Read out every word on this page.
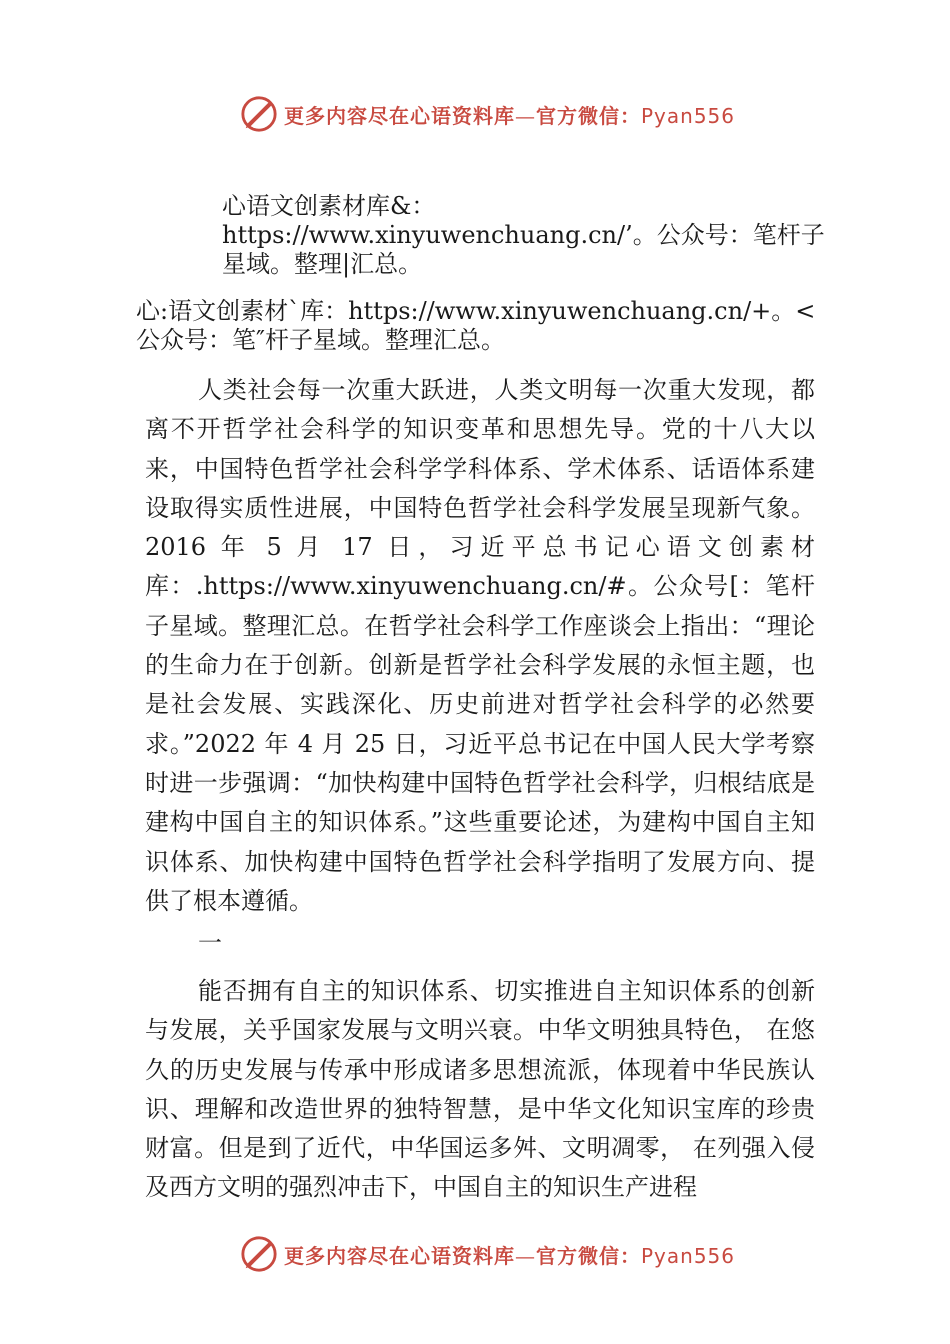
更多内容尽在心语资料库—官方微信：Pyan556
心语文创素材库&：https://www.xinyuwenchuang.cn/’。公众号：笔杆子星域。整理|汇总。
心:语文创素材`库：https://www.xinyuwenchuang.cn/+。<公众号：笔″杆子星域。整理汇总。
人类社会每一次重大跃进，人类文明每一次重大发现，都离不开哲学社会科学的知识变革和思想先导。党的十八大以来，中国特色哲学社会科学学科体系、学术体系、话语体系建设取得实质性进展，中国特色哲学社会科学发展呈现新气象。2016 年 5 月 17 日，习近平总书记心语文创素材库：.https://www.xinyuwenchuang.cn/#。公众号[：笔杆子星域。整理汇总。在哲学社会科学工作座谈会上指出：“理论的生命力在于创新。创新是哲学社会科学发展的永恒主题，也是社会发展、实践深化、历史前进对哲学社会科学的必然要求。”2022 年 4 月 25 日，习近平总书记在中国人民大学考察时进一步强调：“加快构建中国特色哲学社会科学，归根结底是建构中国自主的知识体系。”这些重要论述，为建构中国自主知识体系、加快构建中国特色哲学社会科学指明了发展方向、提供了根本遵循。
一
能否拥有自主的知识体系、切实推进自主知识体系的创新与发展，关乎国家发展与文明兴衰。中华文明独具特色， 在悠久的历史发展与传承中形成诸多思想流派，体现着中华民族认识、理解和改造世界的独特智慧，是中华文化知识宝库的珍贵财富。但是到了近代，中华国运多舛、文明凋零， 在列强入侵及西方文明的强烈冲击下，中国自主的知识生产进程
更多内容尽在心语资料库—官方微信：Pyan556
